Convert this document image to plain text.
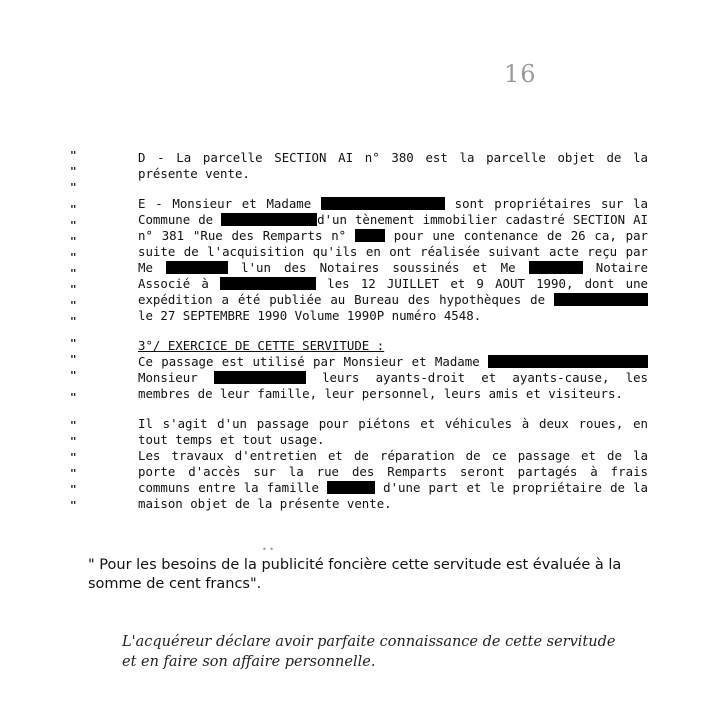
16
"
"
"
"
"
"
"
"
"
"
"
"
"
"
"
"
"
"
"
"
"

D - La parcelle SECTION AI n° 380 est la parcelle objet de la présente vente.

E - Monsieur et Madame	sont propriétaires sur la Commune de	d'un tènement immobilier cadastré SECTION AI n° 381 "Rue des Remparts n°	pour une contenance de 26 ca, par suite de l'acquisition qu'ils en ont réalisée suivant acte reçu par Me	l'un des Notaires soussinés et Me	Notaire Associé à	les 12 JUILLET et 9 AOUT 1990, dont une expédition a été publiée au Bureau des hypothèques de  le 27 SEPTEMBRE 1990 Volume 1990P numéro 4548.

3°/ EXERCICE DE CETTE SERVITUDE :

Ce passage est utilisé par Monsieur et Madame  Monsieur	leurs ayants-droit et ayants-cause, les membres de leur famille, leur personnel, leurs amis et visiteurs.

Il s'agit d'un passage pour piétons et véhicules à deux roues, en tout temps et tout usage.

Les travaux d'entretien et de réparation de ce passage et de la porte d'accès sur la rue des Remparts seront partagés à frais communs entre la famille	d'une part et le propriétaire de la maison objet de la présente vente.

• •
" Pour les besoins de la publicité foncière cette servitude est évaluée à la somme de cent francs".
L'acquéreur déclare avoir parfaite connaissance de cette servitude et en faire son affaire personnelle.
